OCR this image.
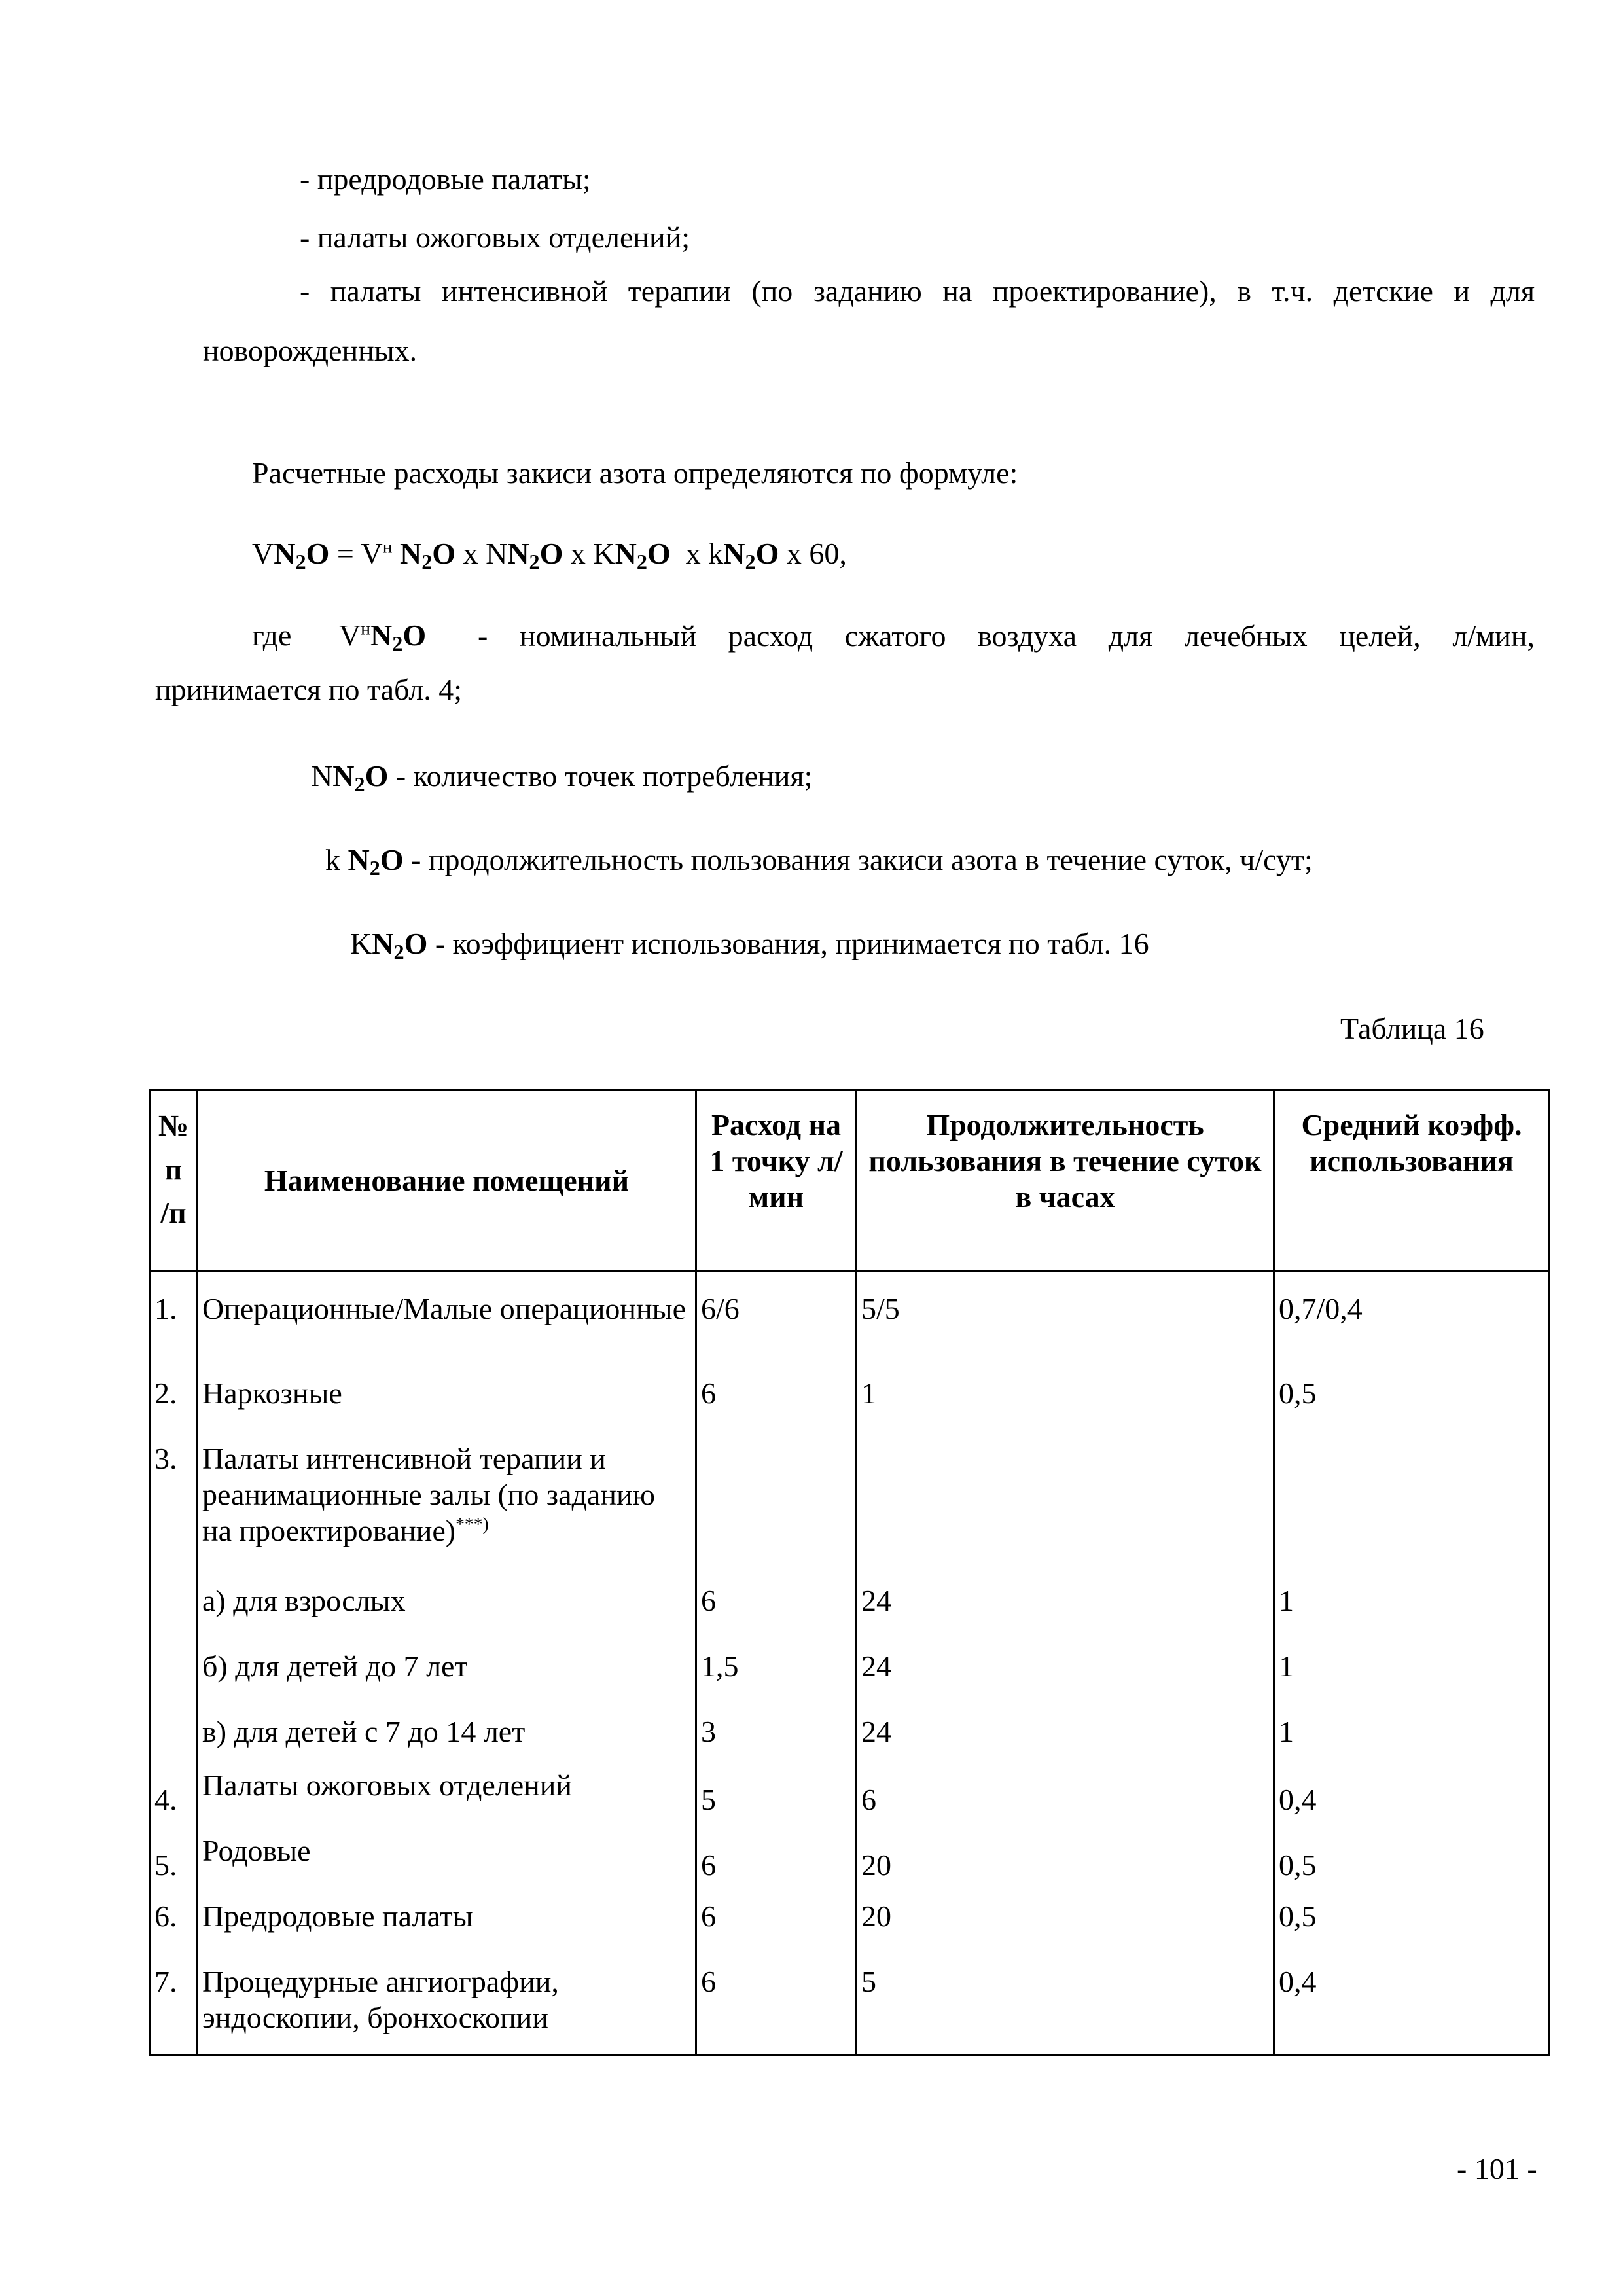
- предродовые палаты;
- палаты ожоговых отделений;
- палаты интенсивной терапии (по заданию на проектирование), в т.ч. детские и для
новорожденных.
Расчетные расходы закиси азота определяются по формуле:
$VN_2O = V^н$ $N_2O$ х $NN_2O$ х $KN_2O$  х $kN_2O$ х 60,
где $V^нN_2O$ - номинальный расход сжатого воздуха для лечебных целей, л/мин,
принимается по табл. 4;
$NN_2O$ - количество точек потребления;
k $N_2O$ - продолжительность пользования закиси азота в течение суток, ч/сут;
$KN_2O$ - коэффициент использования, принимается по табл. 16
Таблица 16
№
п
/п	Наименование помещений	Расход на 1 точку л/мин	Продолжительность пользования в течение суток в часах	Средний коэфф. использования
1.	Операционные/Малые операционные	6/6	5/5	0,7/0,4
2.	Наркозные	6	1	0,5
3.	Палаты интенсивной терапии и реанимационные залы (по заданию на проектирование)***)			
	а) для взрослых	6	24	1
	б) для детей до 7 лет	1,5	24	1
	в) для детей с 7 до 14 лет	3	24	1
4.	Палаты ожоговых отделений	5	6	0,4
5.	Родовые	6	20	0,5
6.	Предродовые палаты	6	20	0,5
7.	Процедурные ангиографии, эндоскопии, бронхоскопии	6	5	0,4
- 101 -
